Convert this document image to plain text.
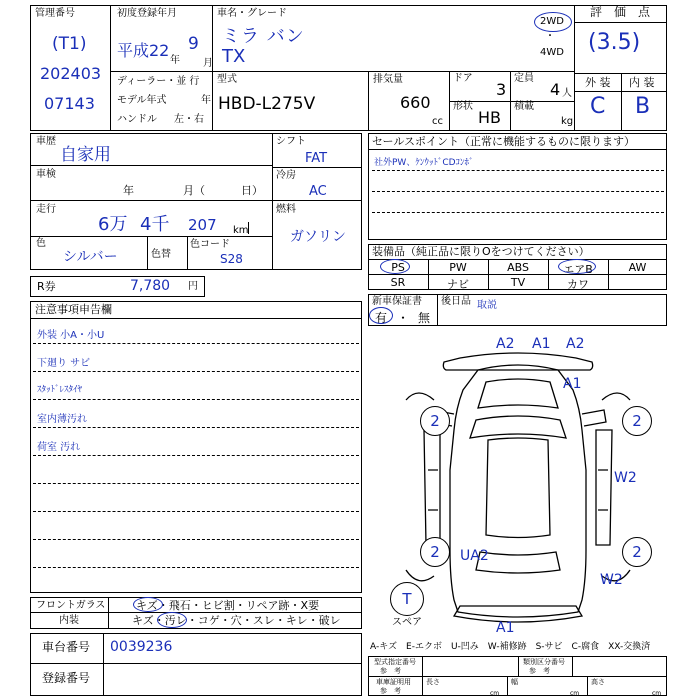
管理番号
(T1)
202403
07143
初度登録年月
平成22
年
9
月
ディーラー・並 行
モデル年式	年
ハンドル 左・右
車名・グレード
ミラ バン
TX
2WD
・
4WD
型式
HBD-L275V
排気量
660
cc
ドア
3
定員
4 人
形状
HB
積載
kg
評　価　点
(3.5)
外 装 内 装
C B
車歴
自家用
車検
年	月（	日）
走行
6万 4千 207 km
色
シルバー	色替
色コード
S28
シフト
FAT
冷房
AC
燃料
ガソリン
R券	7,780 円
セールスポイント（正常に機能するものに限ります）
社外PW、ｹﾝｳｯﾄﾞCDｺﾝﾎﾞ
装備品（純正品に限りOをつけてください）
PS	PW	ABS	エアB	AW
SR	ナビ	TV	カワ
新車保証書
有 ・ 無
後日品 取説
注意事項申告欄
外装 小A・小U
下廻り サビ
ｽﾀｯﾄﾞﾚｽﾀｲﾔ
室内薄汚れ
荷室 汚れ
フロントガラス	キズ・飛石・ヒビ割・リペア跡・X要
内装	キズ・汚レ・コゲ・穴・スレ・キレ・破レ
車台番号 0039236
登録番号
A2 A1 A2
A1
2	2
W2
2	UA2	2
W2
T
スペア	A1
A-キズ　E-エクボ　U-凹み　W-補修跡　S-サビ　C-腐食　XX-交換済
型式指定番号
参　考
類別区分番号
参　考
車庫証明用
参　考
長さ
cm
幅
cm
高さ
cm
